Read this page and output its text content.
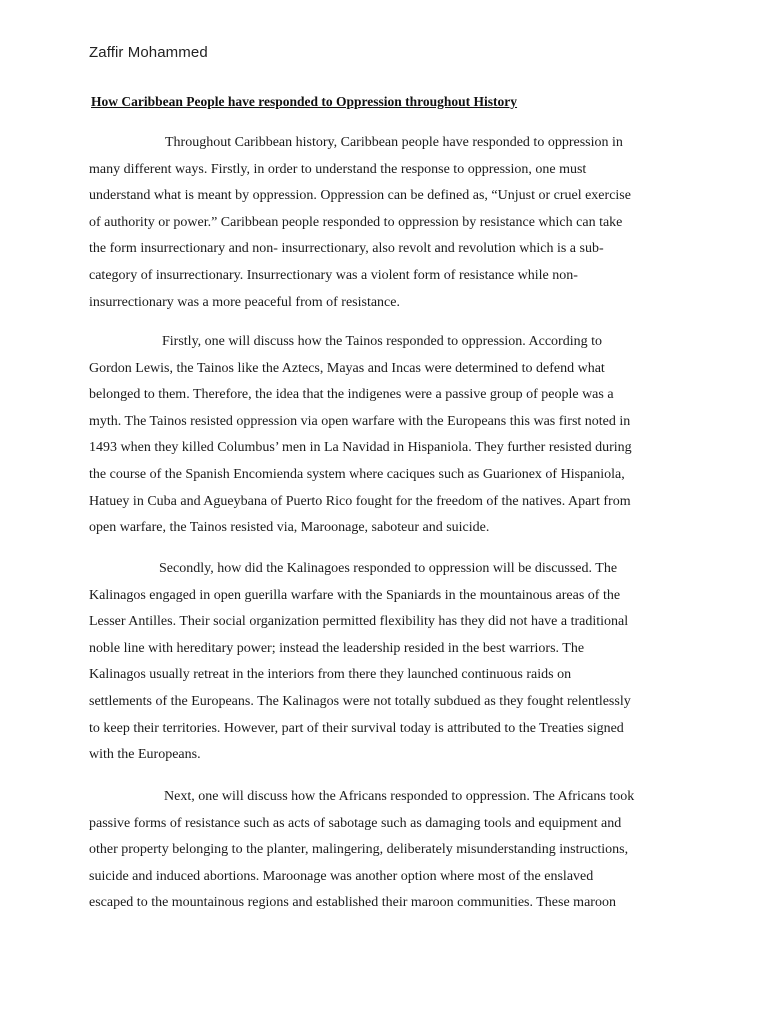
Zaffir Mohammed
How Caribbean People have responded to Oppression throughout History
Throughout Caribbean history, Caribbean people have responded to oppression in
many different ways. Firstly, in order to understand the response to oppression, one must
understand what is meant by oppression. Oppression can be defined as, “Unjust or cruel exercise
of authority or power.” Caribbean people responded to oppression by resistance which can take
the form insurrectionary and non- insurrectionary, also revolt and revolution which is a sub-
category of insurrectionary. Insurrectionary was a violent form of resistance while non-
insurrectionary was a more peaceful from of resistance.
Firstly, one will discuss how the Tainos responded to oppression. According to
Gordon Lewis, the Tainos like the Aztecs, Mayas and Incas were determined to defend what
belonged to them. Therefore, the idea that the indigenes were a passive group of people was a
myth. The Tainos resisted oppression via open warfare with the Europeans this was first noted in
1493 when they killed Columbus’ men in La Navidad in Hispaniola. They further resisted during
the course of the Spanish Encomienda system where caciques such as Guarionex of Hispaniola,
Hatuey in Cuba and Agueybana of Puerto Rico fought for the freedom of the natives. Apart from
open warfare, the Tainos resisted via, Maroonage, saboteur and suicide.
Secondly, how did the Kalinagoes responded to oppression will be discussed. The
Kalinagos engaged in open guerilla warfare with the Spaniards in the mountainous areas of the
Lesser Antilles. Their social organization permitted flexibility has they did not have a traditional
noble line with hereditary power; instead the leadership resided in the best warriors. The
Kalinagos usually retreat in the interiors from there they launched continuous raids on
settlements of the Europeans. The Kalinagos were not totally subdued as they fought relentlessly
to keep their territories. However, part of their survival today is attributed to the Treaties signed
with the Europeans.
Next, one will discuss how the Africans responded to oppression. The Africans took
passive forms of resistance such as acts of sabotage such as damaging tools and equipment and
other property belonging to the planter, malingering, deliberately misunderstanding instructions,
suicide and induced abortions. Maroonage was another option where most of the enslaved
escaped to the mountainous regions and established their maroon communities. These maroon
